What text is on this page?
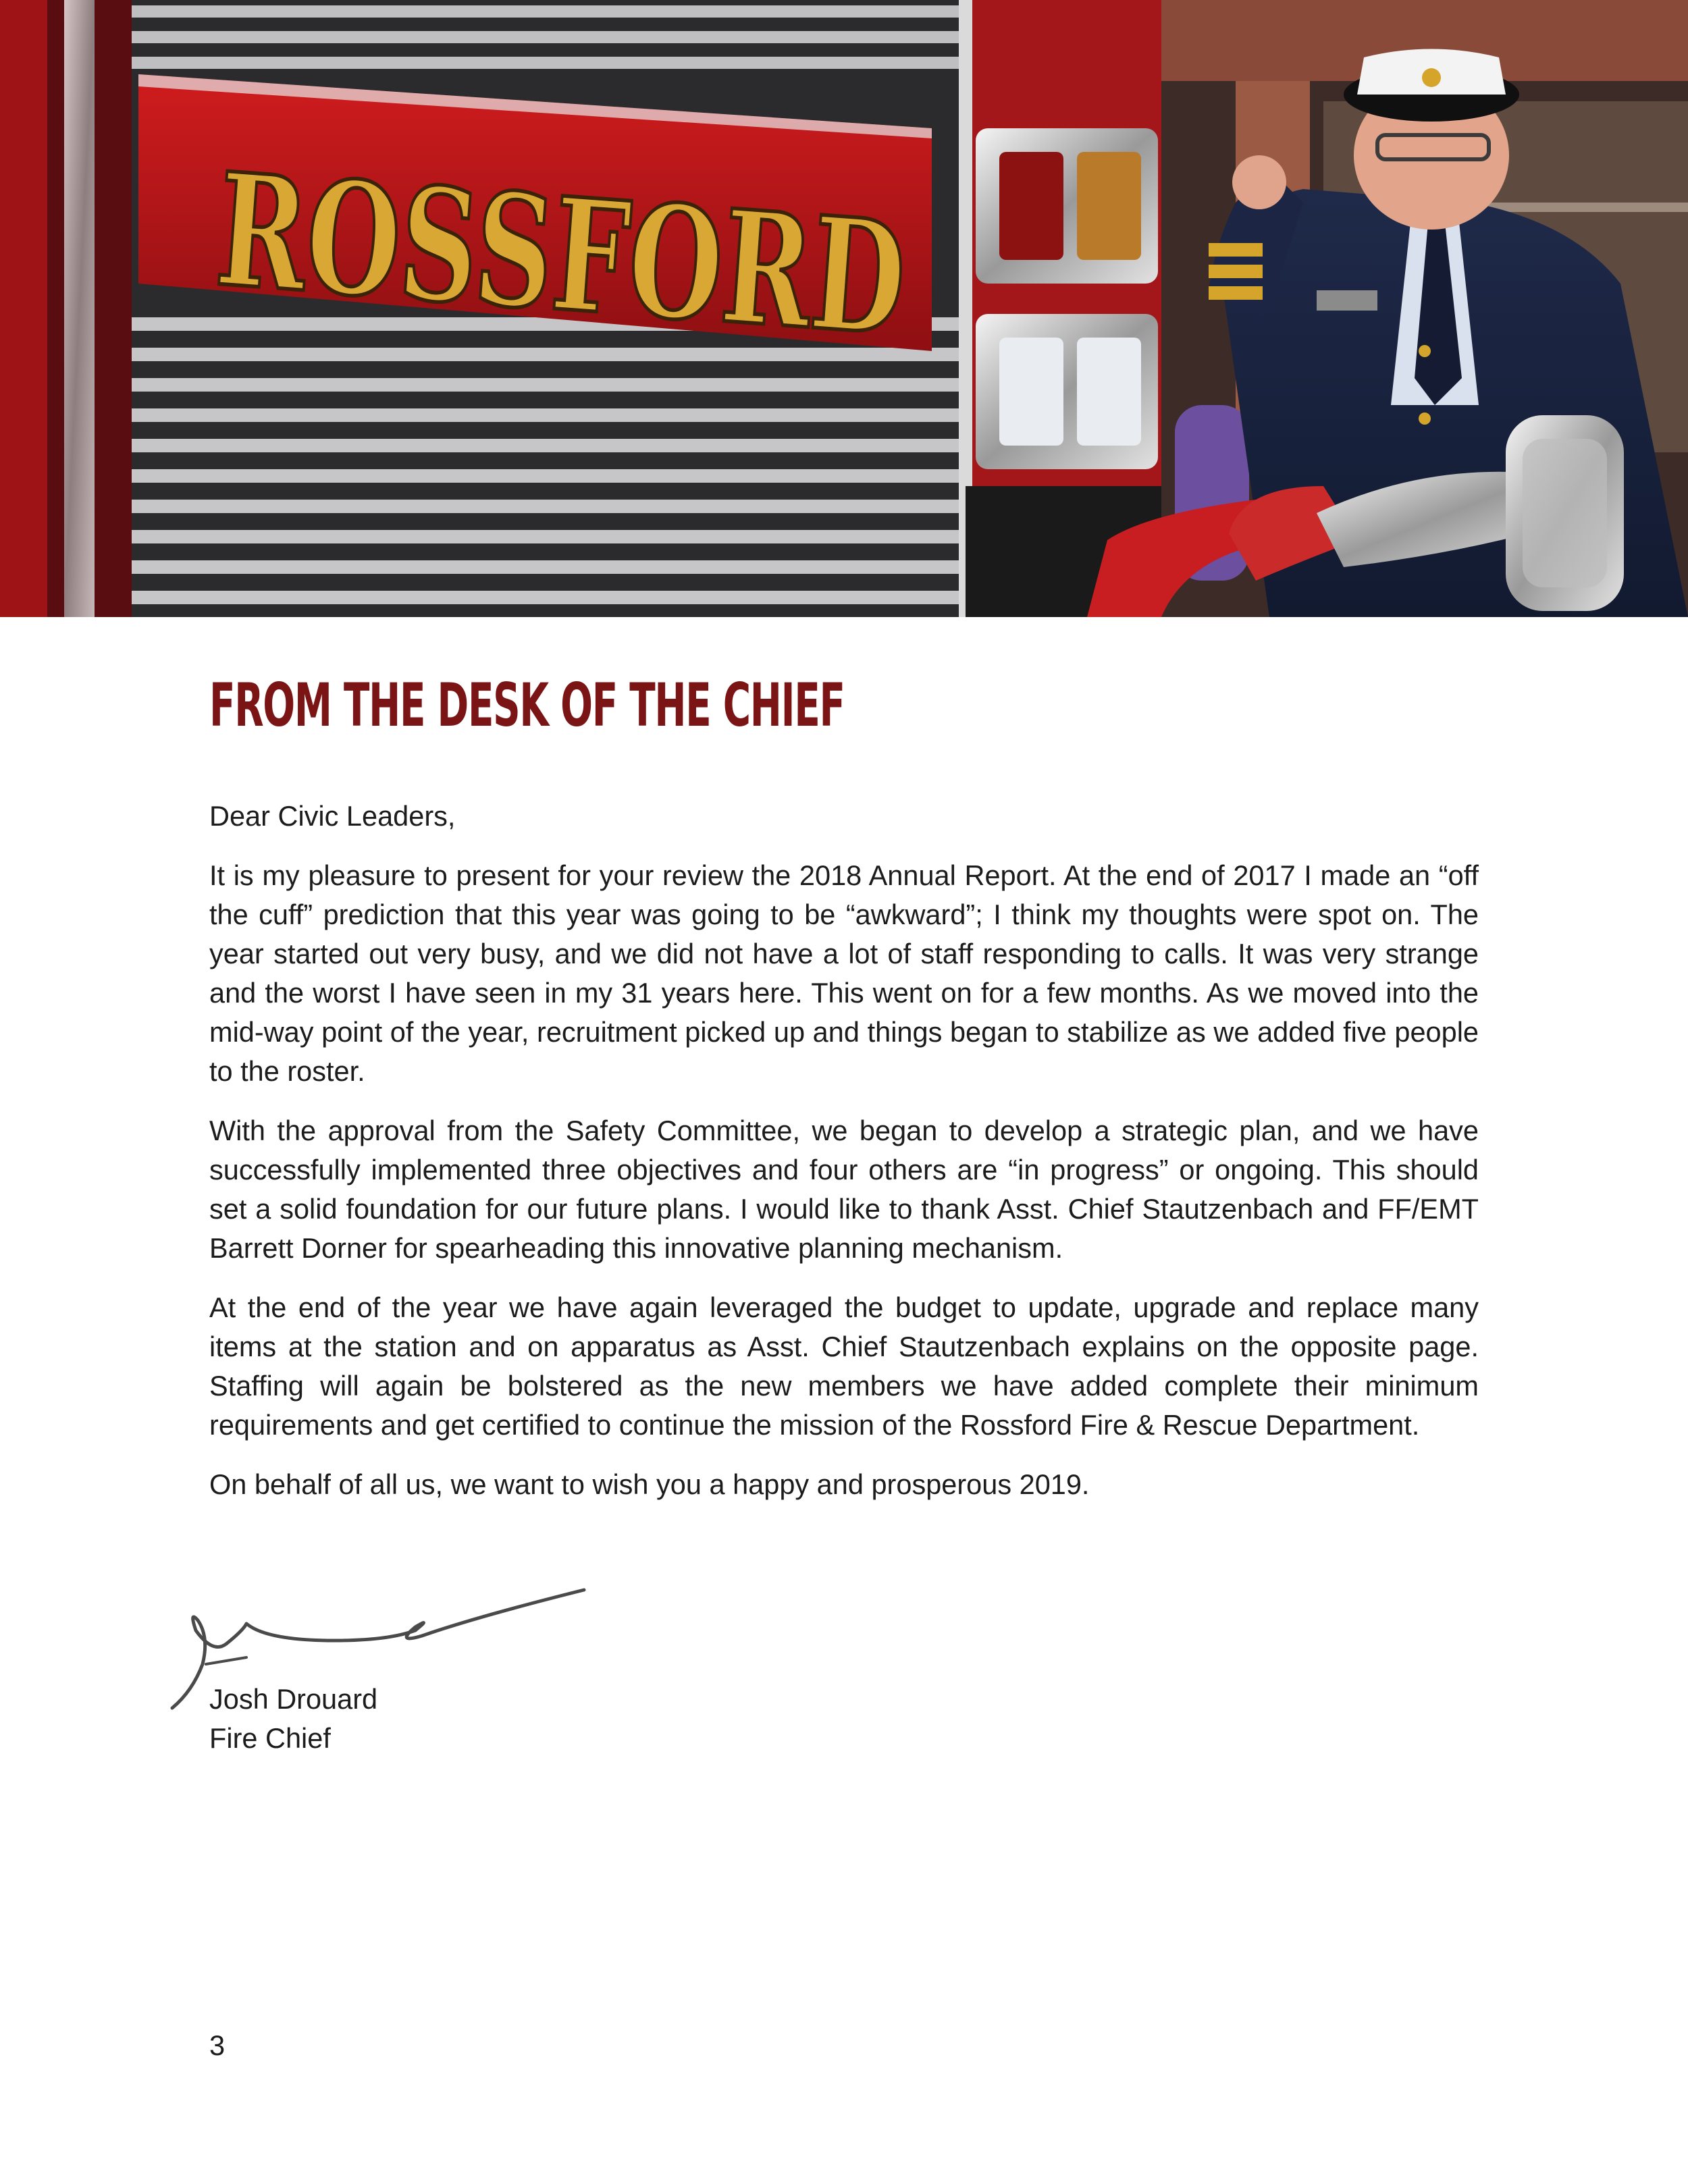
ROSSFORD
FROM THE DESK OF THE CHIEF

Dear Civic Leaders,

It is my pleasure to present for your review the 2018 Annual Report. At the end of 2017 I made an “off the cuff” prediction that this year was going to be “awkward”; I think my thoughts were spot on. The year started out very busy, and we did not have a lot of staff responding to calls. It was very strange and the worst I have seen in my 31 years here. This went on for a few months. As we moved into the mid-way point of the year, recruitment picked up and things began to stabilize as we added five people to the roster.

With the approval from the Safety Committee, we began to develop a strategic plan, and we have successfully implemented three objectives and four others are “in progress” or ongoing. This should set a solid foundation for our future plans. I would like to thank Asst. Chief Stautzenbach and FF/EMT Barrett Dorner for spearheading this innovative planning mechanism.

At the end of the year we have again leveraged the budget to update, upgrade and replace many items at the station and on apparatus as Asst. Chief Stautzenbach explains on the opposite page. Staffing will again be bolstered as the new members we have added complete their minimum requirements and get certified to continue the mission of the Rossford Fire & Rescue Department.

On behalf of all us, we want to wish you a happy and prosperous 2019.

Josh Drouard
Fire Chief
3
